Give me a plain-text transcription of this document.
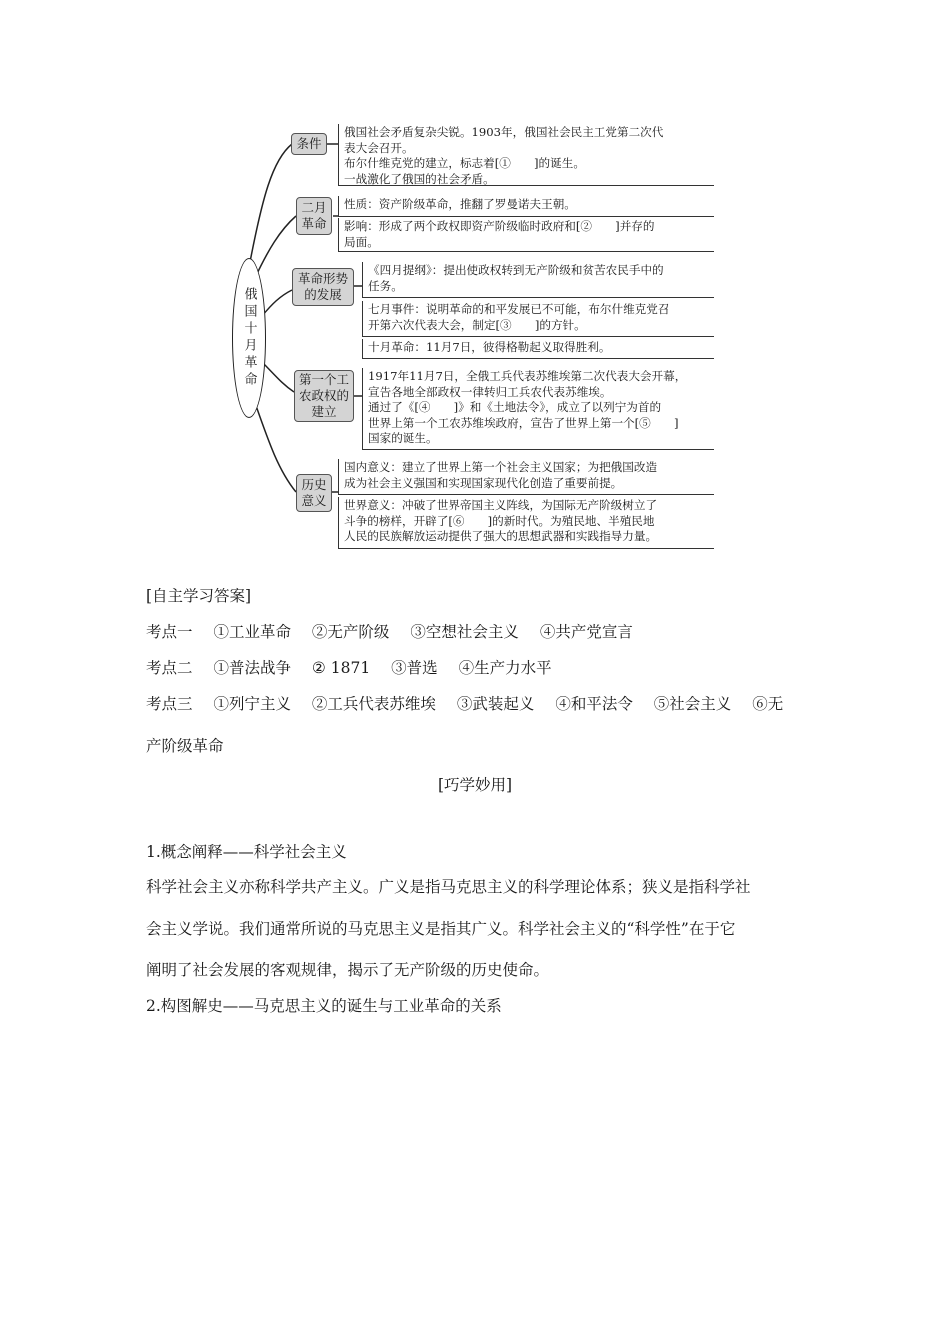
俄国十月革命
条件
俄国社会矛盾复杂尖锐。1903年，俄国社会民主工党第二次代
表大会召开。
布尔什维克党的建立，标志着[①　　]的诞生。
一战激化了俄国的社会矛盾。
二月革命
性质：资产阶级革命，推翻了罗曼诺夫王朝。
影响：形成了两个政权即资产阶级临时政府和[②　　]并存的
局面。
革命形势的发展
《四月提纲》：提出使政权转到无产阶级和贫苦农民手中的
任务。
七月事件：说明革命的和平发展已不可能，布尔什维克党召
开第六次代表大会，制定[③　　]的方针。
十月革命：11月7日，彼得格勒起义取得胜利。
第一个工农政权的建立
1917年11月7日，全俄工兵代表苏维埃第二次代表大会开幕，
宣告各地全部政权一律转归工兵农代表苏维埃。
通过了《[④　　]》和《土地法令》，成立了以列宁为首的
世界上第一个工农苏维埃政府，宣告了世界上第一个[⑤　　]
国家的诞生。
历史意义
国内意义：建立了世界上第一个社会主义国家；为把俄国改造
成为社会主义强国和实现国家现代化创造了重要前提。
世界意义：冲破了世界帝国主义阵线，为国际无产阶级树立了
斗争的榜样，开辟了[⑥　　]的新时代。为殖民地、半殖民地
人民的民族解放运动提供了强大的思想武器和实践指导力量。
[自主学习答案]
考点一 ①工业革命 ②无产阶级 ③空想社会主义 ④共产党宣言
考点二 ①普法战争 ② 1871 ③普选 ④生产力水平
考点三 ①列宁主义 ②工兵代表苏维埃 ③武装起义 ④和平法令 ⑤社会主义 ⑥无
产阶级革命
[巧学妙用]
1.概念阐释——科学社会主义
科学社会主义亦称科学共产主义。广义是指马克思主义的科学理论体系；狭义是指科学社
会主义学说。我们通常所说的马克思主义是指其广义。科学社会主义的“科学性”在于它
阐明了社会发展的客观规律，揭示了无产阶级的历史使命。
2.构图解史——马克思主义的诞生与工业革命的关系
